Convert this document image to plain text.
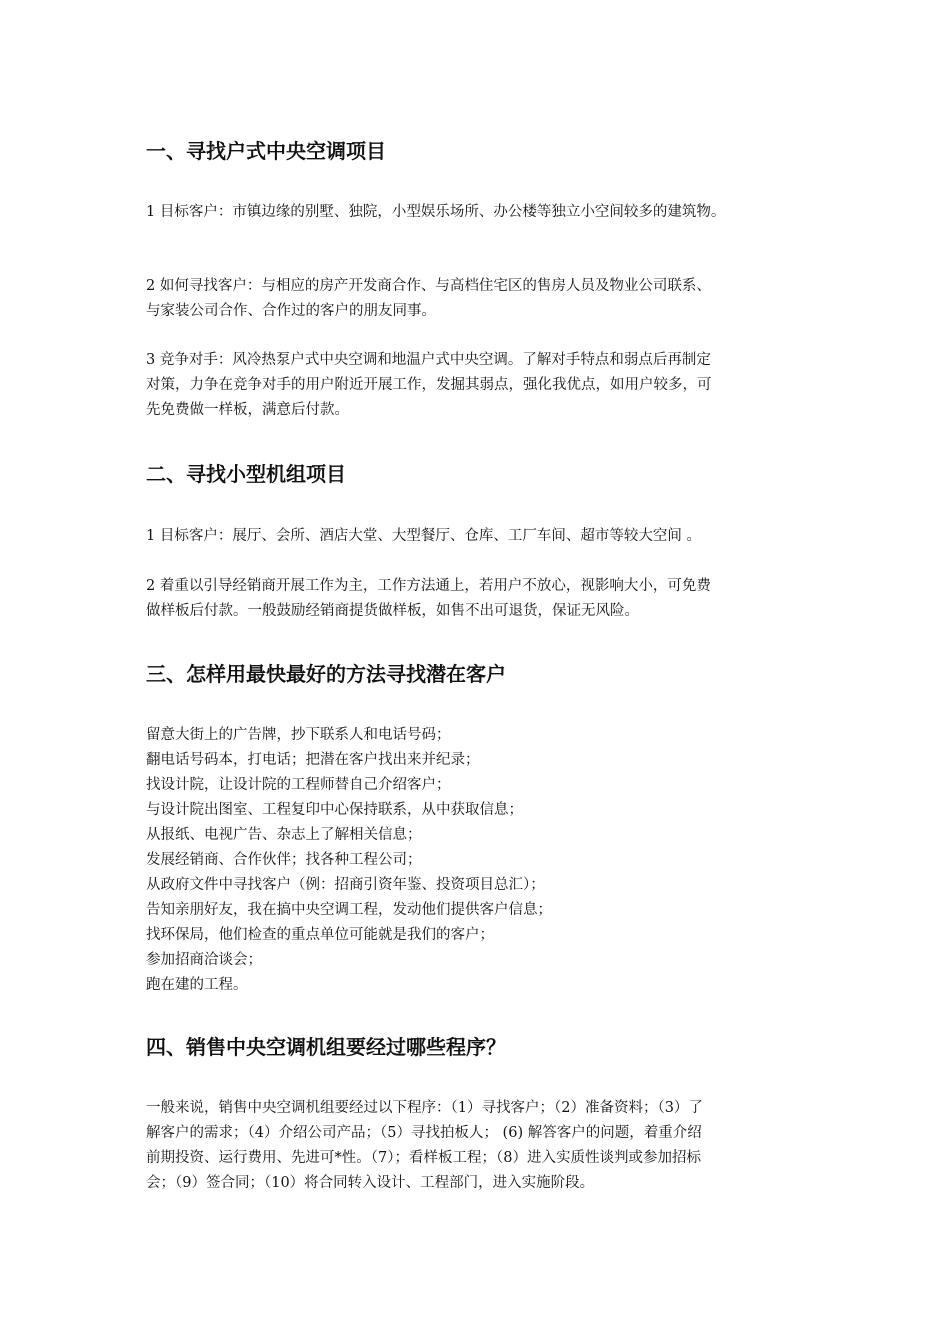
一、寻找户式中央空调项目
1 目标客户：市镇边缘的别墅、独院，小型娱乐场所、办公楼等独立小空间较多的建筑物。
2 如何寻找客户：与相应的房产开发商合作、与高档住宅区的售房人员及物业公司联系、
与家装公司合作、合作过的客户的朋友同事。
3 竞争对手：风冷热泵户式中央空调和地温户式中央空调。了解对手特点和弱点后再制定
对策，力争在竞争对手的用户附近开展工作，发掘其弱点，强化我优点，如用户较多，可
先免费做一样板，满意后付款。
二、寻找小型机组项目
1 目标客户：展厅、会所、酒店大堂、大型餐厅、仓库、工厂车间、超市等较大空间 。
2 着重以引导经销商开展工作为主，工作方法通上，若用户不放心，视影响大小，可免费
做样板后付款。一般鼓励经销商提货做样板，如售不出可退货，保证无风险。
三、怎样用最快最好的方法寻找潜在客户
留意大街上的广告牌，抄下联系人和电话号码；
翻电话号码本，打电话；把潜在客户找出来并纪录；
找设计院，让设计院的工程师替自己介绍客户；
与设计院出图室、工程复印中心保持联系，从中获取信息；
从报纸、电视广告、杂志上了解相关信息；
发展经销商、合作伙伴；找各种工程公司；
从政府文件中寻找客户（例：招商引资年鉴、投资项目总汇）；
告知亲朋好友，我在搞中央空调工程，发动他们提供客户信息；
找环保局，他们检查的重点单位可能就是我们的客户；
参加招商洽谈会；
跑在建的工程。
四、销售中央空调机组要经过哪些程序？
一般来说，销售中央空调机组要经过以下程序：（1）寻找客户；（2）准备资料；（3）了
解客户的需求；（4）介绍公司产品；（5）寻找拍板人； (6) 解答客户的问题，着重介绍
前期投资、运行费用、先进可*性。（7）；看样板工程；（8）进入实质性谈判或参加招标
会；（9）签合同；（10）将合同转入设计、工程部门，进入实施阶段。
